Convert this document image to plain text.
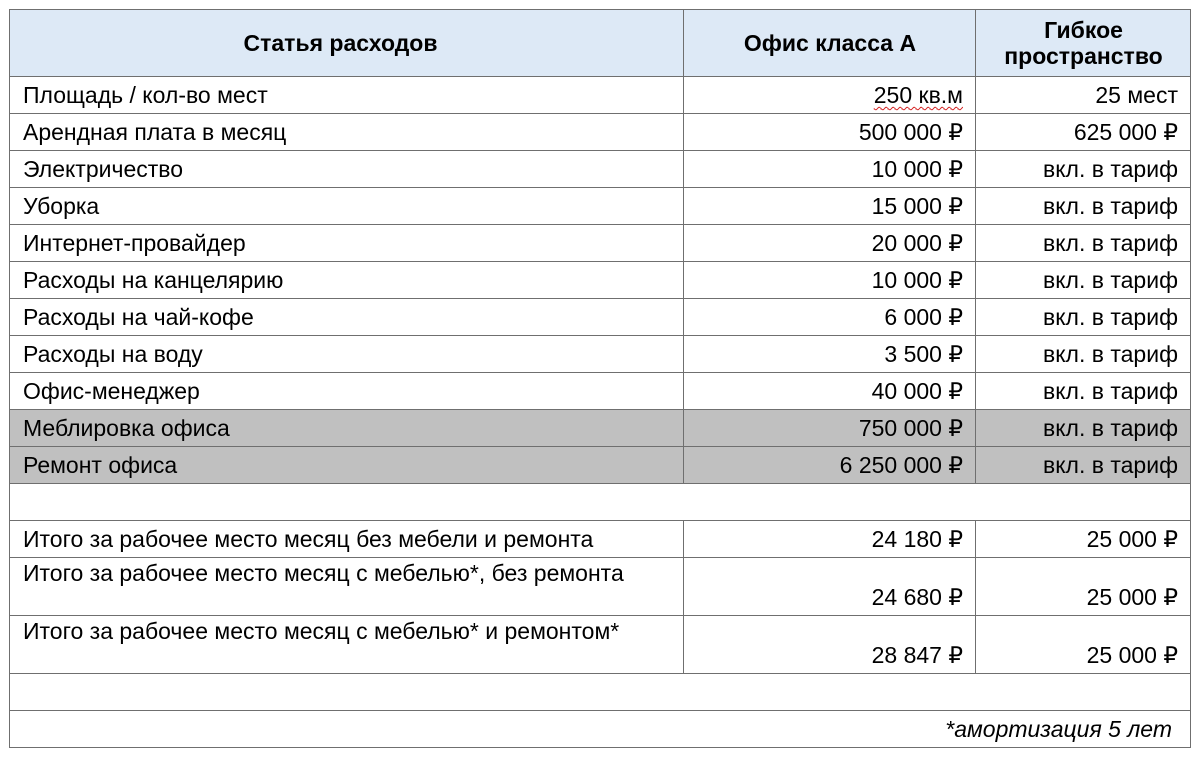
Статья расходов	Офис класса А	Гибкое пространство
Площадь / кол-во мест	250 кв.м	25 мест
Арендная плата в месяц	500 000 ₽	625 000 ₽
Электричество	10 000 ₽	вкл. в тариф
Уборка	15 000 ₽	вкл. в тариф
Интернет-провайдер	20 000 ₽	вкл. в тариф
Расходы на канцелярию	10 000 ₽	вкл. в тариф
Расходы на чай-кофе	6 000 ₽	вкл. в тариф
Расходы на воду	3 500 ₽	вкл. в тариф
Офис-менеджер	40 000 ₽	вкл. в тариф
Меблировка офиса	750 000 ₽	вкл. в тариф
Ремонт офиса	6 250 000 ₽	вкл. в тариф

Итого за рабочее место месяц без мебели и ремонта	24 180 ₽	25 000 ₽
Итого за рабочее место месяц с мебелью*, без ремонта	24 680 ₽	25 000 ₽
Итого за рабочее место месяц с мебелью* и ремонтом*	28 847 ₽	25 000 ₽

*амортизация 5 лет		
